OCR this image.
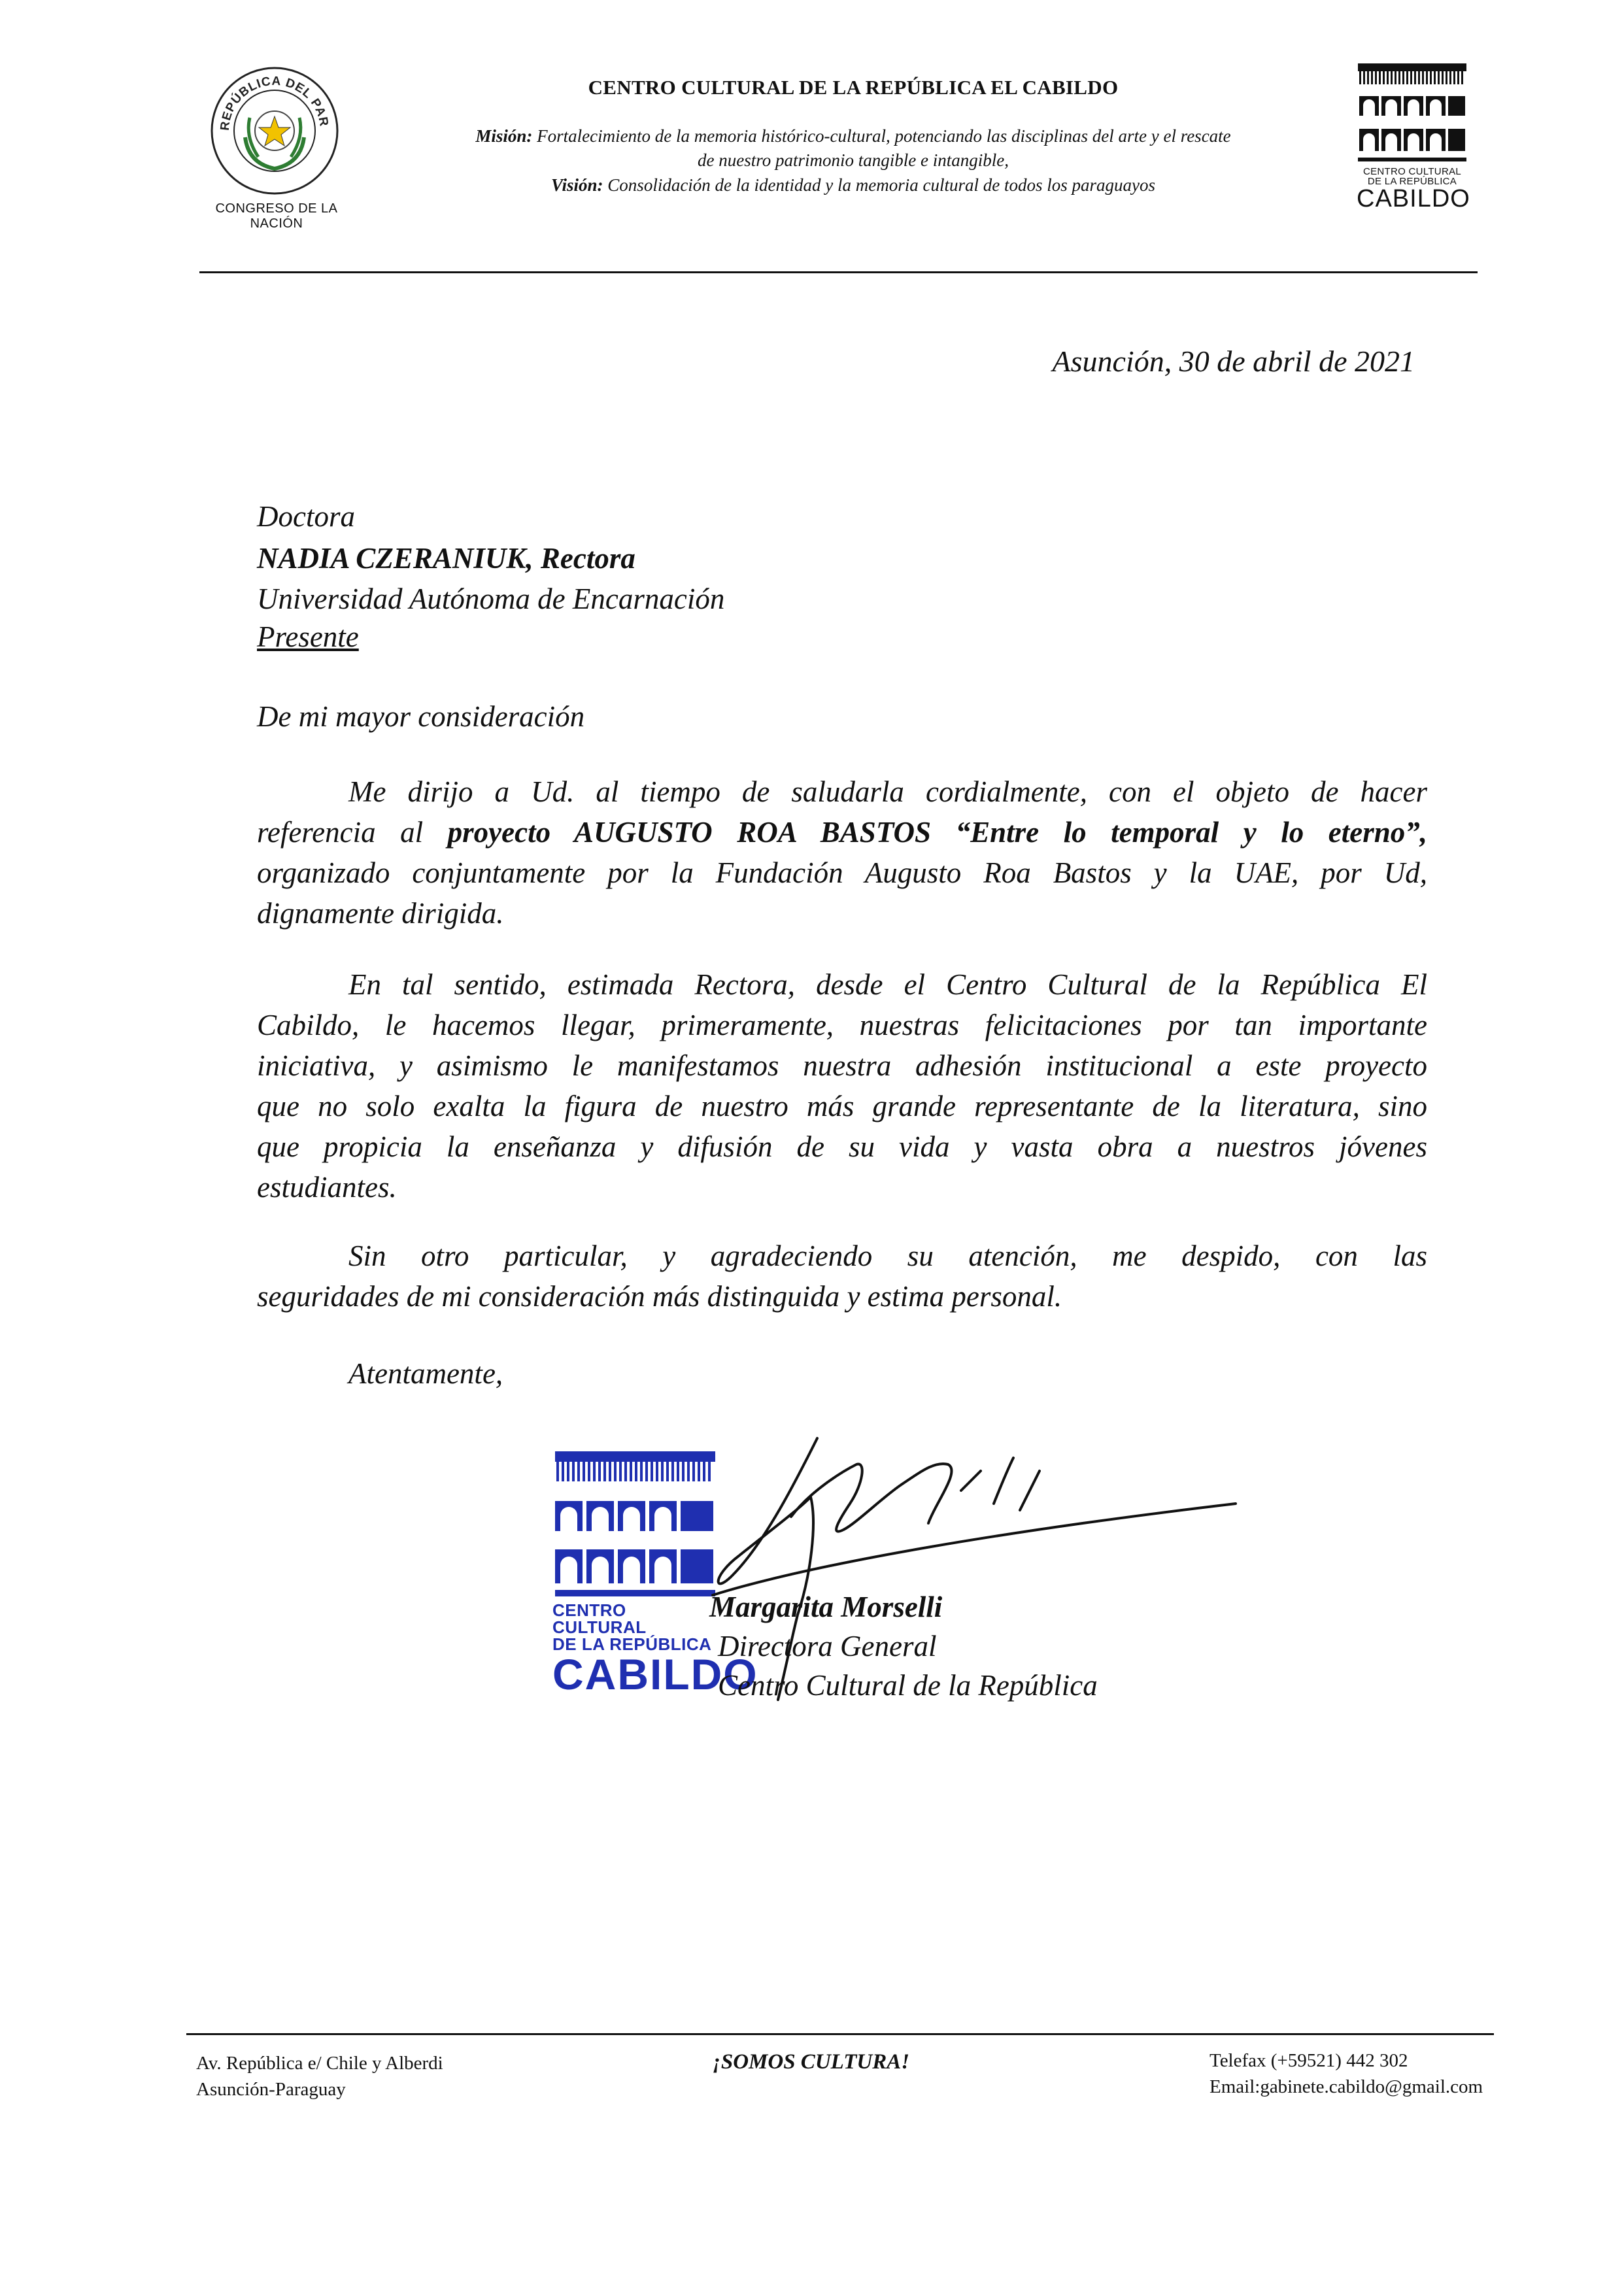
REPÚBLICA DEL PAR
CONGRESO DE LA NACIÓN
CENTRO CULTURAL DE LA REPÚBLICA EL CABILDO
Misión: Fortalecimiento de la memoria histórico-cultural, potenciando las disciplinas del arte y el rescate
de nuestro patrimonio tangible e intangible,
Visión: Consolidación de la identidad y la memoria cultural de todos los paraguayos
CENTRO CULTURAL
DE LA REPÚBLICA
CABILDO
Asunción, 30 de abril de 2021
Doctora
NADIA CZERANIUK, Rectora
Universidad Autónoma de Encarnación
Presente
De mi mayor consideración
Me dirijo a Ud. al tiempo de saludarla cordialmente, con el objeto de hacer
referencia al proyecto AUGUSTO ROA BASTOS “Entre lo temporal y lo eterno”,
organizado conjuntamente por la Fundación Augusto Roa Bastos y la UAE, por Ud,
dignamente dirigida.
En tal sentido, estimada Rectora, desde el Centro Cultural de la República El
Cabildo, le hacemos llegar, primeramente, nuestras felicitaciones por tan importante
iniciativa, y asimismo le manifestamos nuestra adhesión institucional a este proyecto
que no solo exalta la figura de nuestro más grande representante de la literatura, sino
que propicia la enseñanza y difusión de su vida y vasta obra a nuestros jóvenes
estudiantes.
Sin otro particular, y agradeciendo su atención, me despido, con las
seguridades de mi consideración más distinguida y estima personal.
Atentamente,
CENTRO CULTURAL
DE LA REPÚBLICA
CABILDO
Margarita Morselli
Directora General
Centro Cultural de la República
Av. República e/ Chile y Alberdi
Asunción-Paraguay
¡SOMOS CULTURA!	Telefax (+59521) 442 302
Email:gabinete.cabildo@gmail.com
